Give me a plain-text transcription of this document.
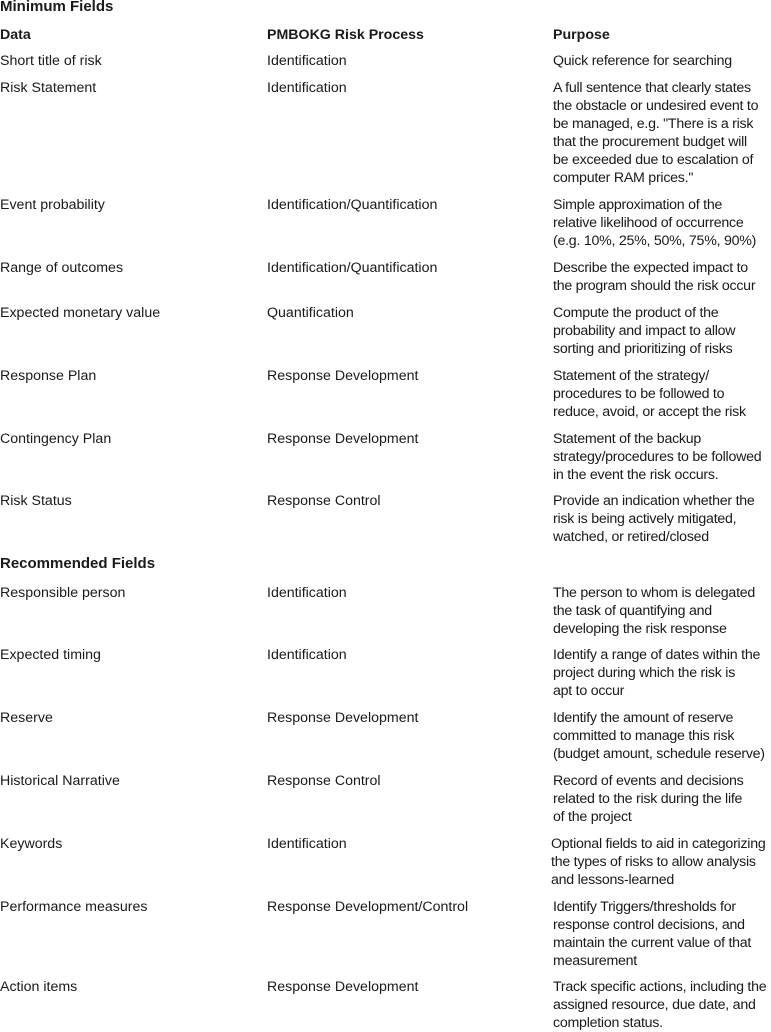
Minimum Fields
Data	PMBOKG Risk Process	Purpose
Short title of risk	Identification	Quick reference for searching
Risk Statement	Identification	A full sentence that clearly states
the obstacle or undesired event to
be managed, e.g. "There is a risk
that the procurement budget will
be exceeded due to escalation of
computer RAM prices."
Event probability	Identification/Quantification	Simple approximation of the
relative likelihood of occurrence
(e.g. 10%, 25%, 50%, 75%, 90%)
Range of outcomes	Identification/Quantification	Describe the expected impact to
the program should the risk occur
Expected monetary value	Quantification	Compute the product of the
probability and impact to allow
sorting and prioritizing of risks
Response Plan	Response Development	Statement of the strategy/
procedures to be followed to
reduce, avoid, or accept the risk
Contingency Plan	Response Development	Statement of the backup
strategy/procedures to be followed
in the event the risk occurs.
Risk Status	Response Control	Provide an indication whether the
risk is being actively mitigated,
watched, or retired/closed
Recommended Fields
Responsible person	Identification	The person to whom is delegated
the task of quantifying and
developing the risk response
Expected timing	Identification	Identify a range of dates within the
project during which the risk is
apt to occur
Reserve	Response Development	Identify the amount of reserve
committed to manage this risk
(budget amount, schedule reserve)
Historical Narrative	Response Control	Record of events and decisions
related to the risk during the life
of the project
Keywords	Identification	Optional fields to aid in categorizing
the types of risks to allow analysis
and lessons-learned
Performance measures	Response Development/Control	Identify Triggers/thresholds for
response control decisions, and
maintain the current value of that
measurement
Action items	Response Development	Track specific actions, including the
assigned resource, due date, and
completion status.
